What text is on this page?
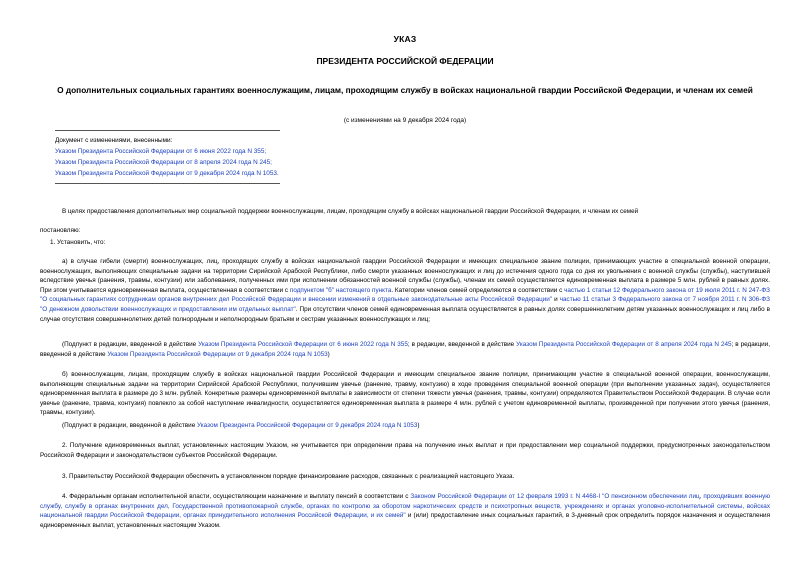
УКАЗ
ПРЕЗИДЕНТА РОССИЙСКОЙ ФЕДЕРАЦИИ
О дополнительных социальных гарантиях военнослужащим, лицам, проходящим службу в войсках национальной гвардии Российской Федерации, и членам их семей
(с изменениями на 9 декабря 2024 года)
Документ с изменениями, внесенными:
Указом Президента Российской Федерации от 6 июня 2022 года N 355;
Указом Президента Российской Федерации от 8 апреля 2024 года N 245;
Указом Президента Российской Федерации от 9 декабря 2024 года N 1053.
В целях предоставления дополнительных мер социальной поддержки военнослужащим, лицам, проходящим службу в войсках национальной гвардии Российской Федерации, и членам их семей
постановляю:
1. Установить, что:
а) в случае гибели (смерти) военнослужащих, лиц, проходящих службу в войсках национальной гвардии Российской Федерации и имеющих специальное звание полиции, принимающих участие в специальной военной операции, военнослужащих, выполняющих специальные задачи на территории Сирийской Арабской Республики, либо смерти указанных военнослужащих и лиц до истечения одного года со дня их увольнения с военной службы (службы), наступившей вследствие увечья (ранения, травмы, контузии) или заболевания, полученных ими при исполнении обязанностей военной службы (службы), членам их семей осуществляется единовременная выплата в размере 5 млн. рублей в равных долях. При этом учитывается единовременная выплата, осуществленная в соответствии с подпунктом "б" настоящего пункта. Категории членов семей определяются в соответствии с частью 1 статьи 12 Федерального закона от 19 июля 2011 г. N 247-ФЗ "О социальных гарантиях сотрудникам органов внутренних дел Российской Федерации и внесении изменений в отдельные законодательные акты Российской Федерации" и частью 11 статьи 3 Федерального закона от 7 ноября 2011 г. N 306-ФЗ "О денежном довольствии военнослужащих и предоставлении им отдельных выплат". При отсутствии членов семей единовременная выплата осуществляется в равных долях совершеннолетним детям указанных военнослужащих и лиц либо в случае отсутствия совершеннолетних детей полнородным и неполнородным братьям и сестрам указанных военнослужащих и лиц;
(Подпункт в редакции, введенной в действие Указом Президента Российской Федерации от 6 июня 2022 года N 355; в редакции, введенной в действие Указом Президента Российской Федерации от 8 апреля 2024 года N 245; в редакции, введенной в действие Указом Президента Российской Федерации от 9 декабря 2024 года N 1053)
б) военнослужащим, лицам, проходящим службу в войсках национальной гвардии Российской Федерации и имеющим специальное звание полиции, принимающим участие в специальной военной операции, военнослужащим, выполняющим специальные задачи на территории Сирийской Арабской Республики, получившим увечье (ранение, травму, контузию) в ходе проведения специальной военной операции (при выполнении указанных задач), осуществляется единовременная выплата в размере до 3 млн. рублей. Конкретные размеры единовременной выплаты в зависимости от степени тяжести увечья (ранения, травмы, контузии) определяются Правительством Российской Федерации. В случае если увечье (ранение, травма, контузия) повлекло за собой наступление инвалидности, осуществляется единовременная выплата в размере 4 млн. рублей с учетом единовременной выплаты, произведенной при получении этого увечья (ранения, травмы, контузии).
(Подпункт в редакции, введенной в действие Указом Президента Российской Федерации от 9 декабря 2024 года N 1053)
2. Получение единовременных выплат, установленных настоящим Указом, не учитывается при определении права на получение иных выплат и при предоставлении мер социальной поддержки, предусмотренных законодательством Российской Федерации и законодательством субъектов Российской Федерации.
3. Правительству Российской Федерации обеспечить в установленном порядке финансирование расходов, связанных с реализацией настоящего Указа.
4. Федеральным органам исполнительной власти, осуществляющим назначение и выплату пенсий в соответствии с Законом Российской Федерации от 12 февраля 1993 г. N 4468-I "О пенсионном обеспечении лиц, проходивших военную службу, службу в органах внутренних дел, Государственной противопожарной службе, органах по контролю за оборотом наркотических средств и психотропных веществ, учреждениях и органах уголовно-исполнительной системы, войсках национальной гвардии Российской Федерации, органах принудительного исполнения Российской Федерации, и их семей" и (или) предоставление иных социальных гарантий, в 3-дневный срок определить порядок назначения и осуществления единовременных выплат, установленных настоящим Указом.
